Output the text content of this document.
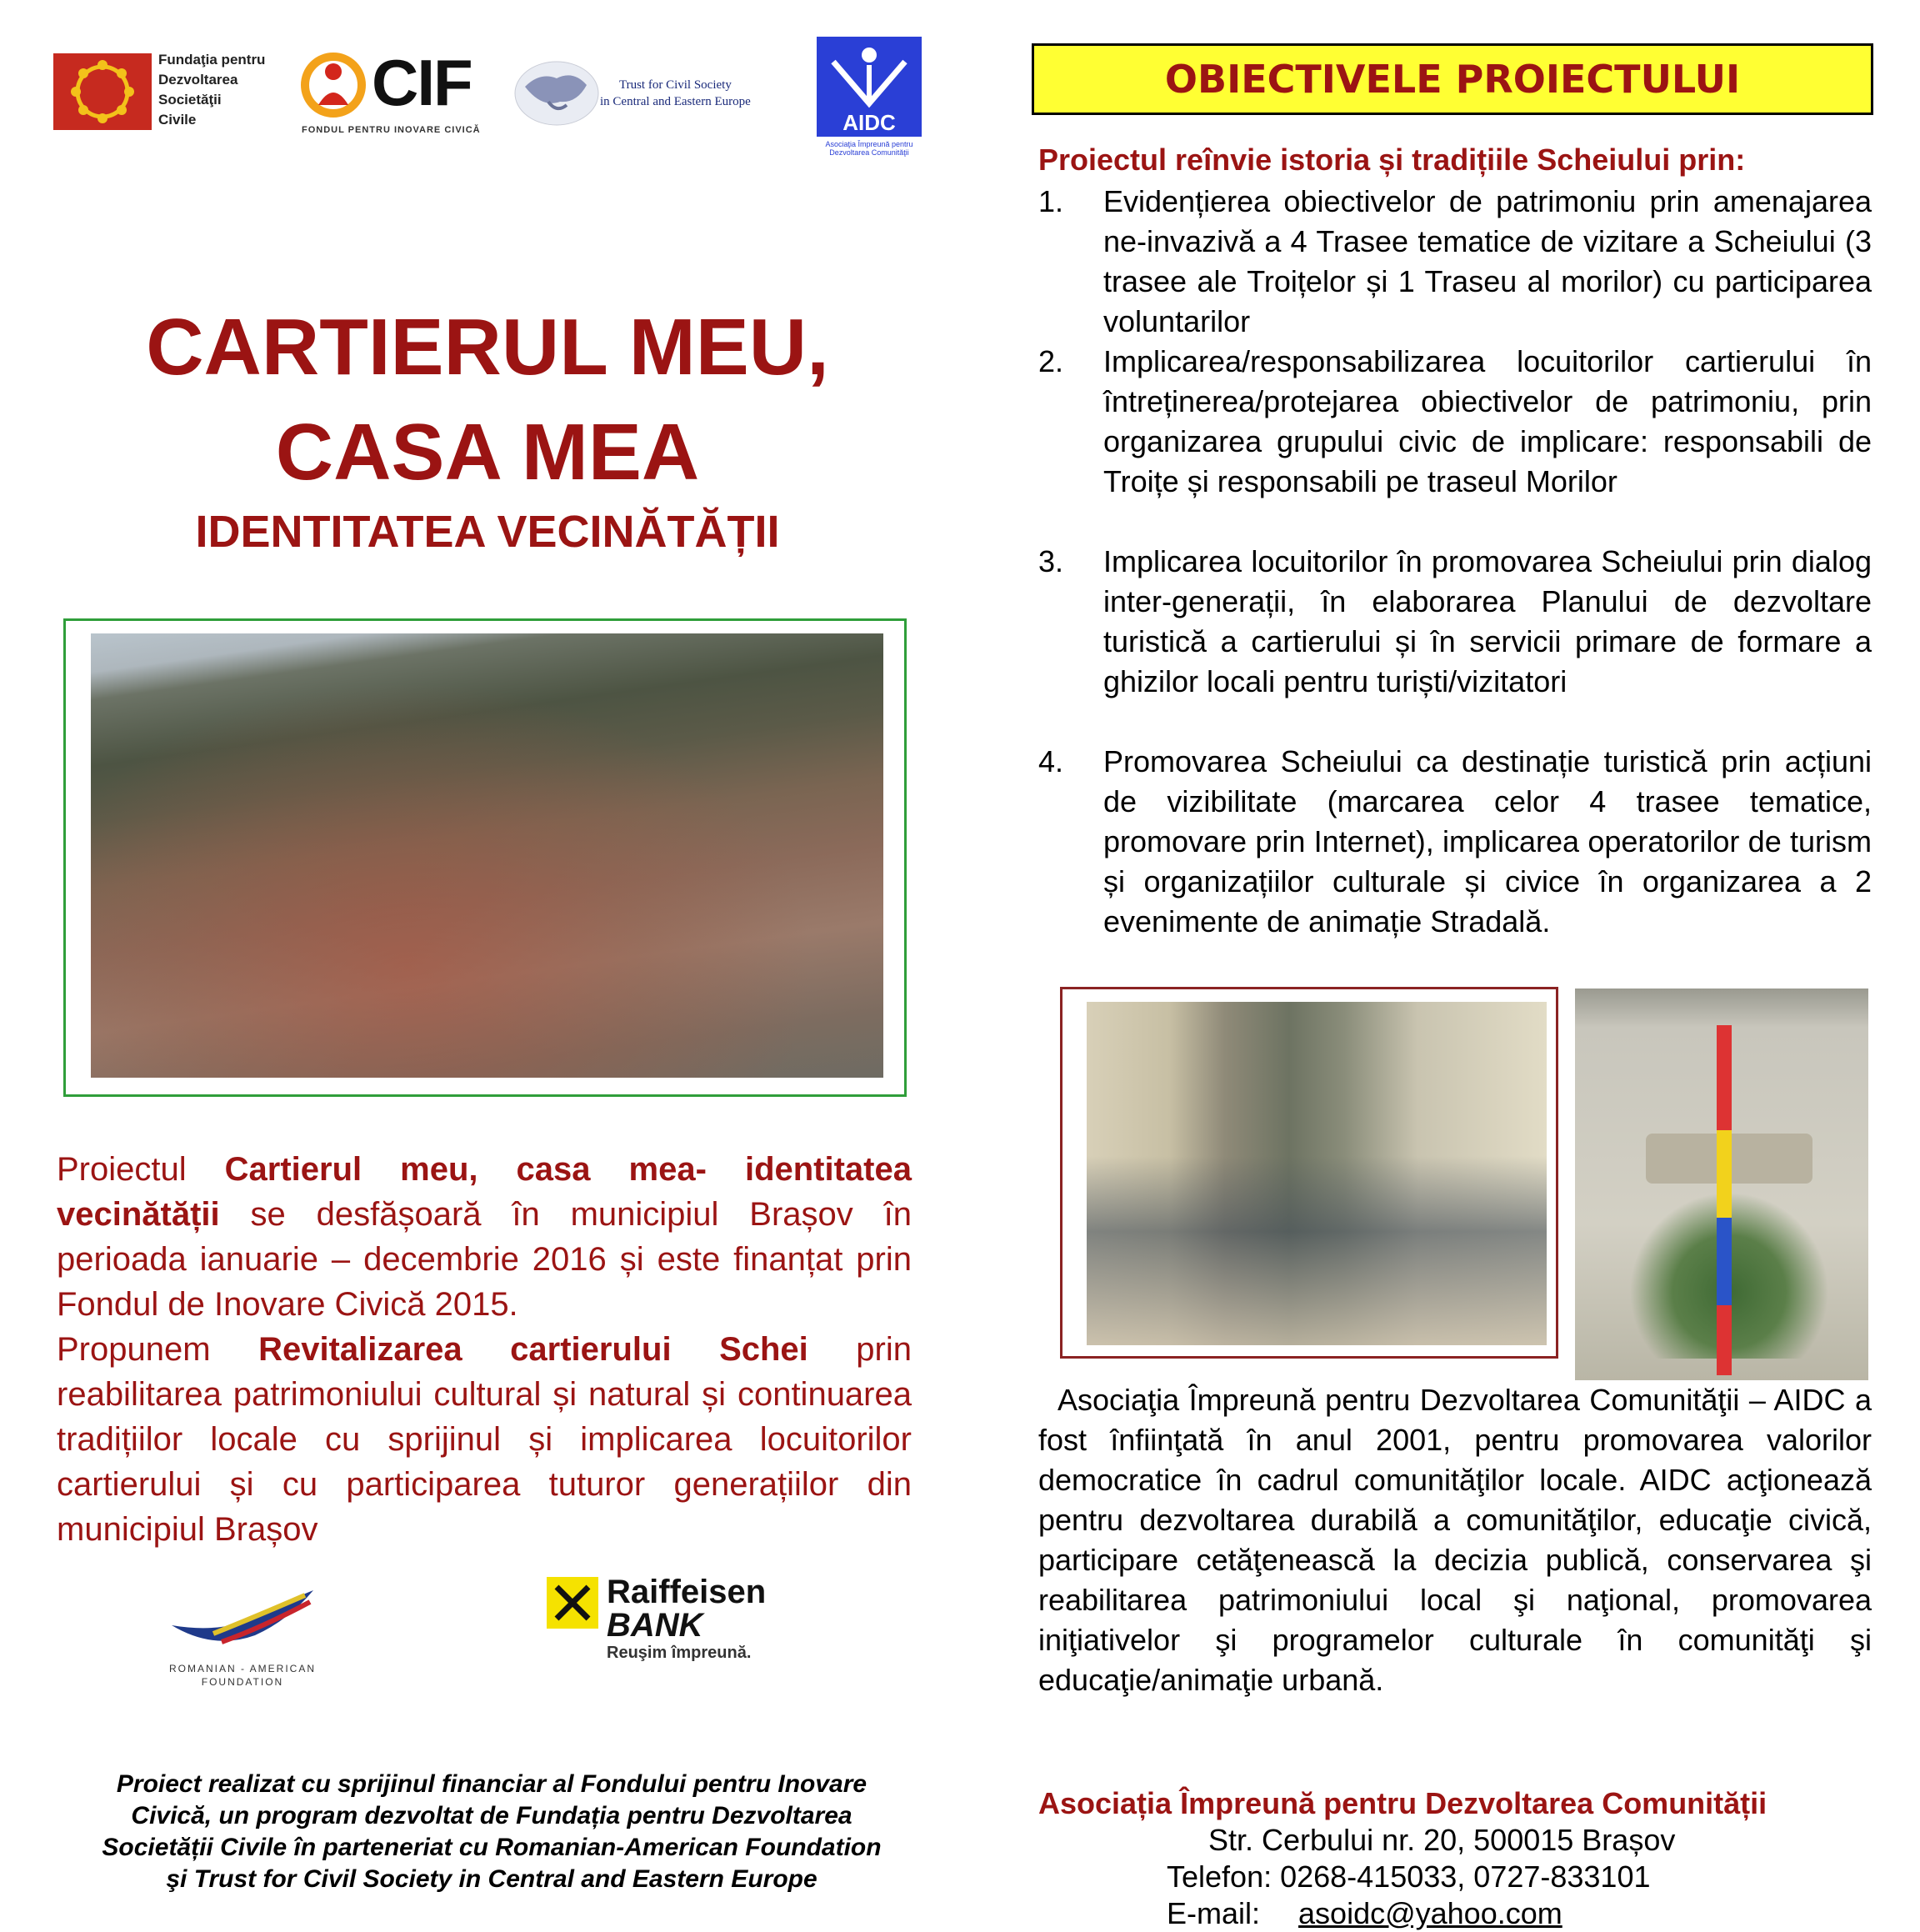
Fundaţia pentru
Dezvoltarea
Societăţii
Civile
CIF
FONDUL PENTRU INOVARE CIVICĂ
Trust for Civil Society
in Central and Eastern Europe
AIDC
Asociaţia Împreună pentru Dezvoltarea Comunităţii
CARTIERUL MEU,
CASA MEA
IDENTITATEA VECINĂTĂȚII
Proiectul Cartierul meu, casa mea- identitatea vecinătății se desfășoară în municipiul Brașov în perioada ianuarie – decembrie 2016 și este finanțat prin Fondul de Inovare Civică 2015.
Propunem Revitalizarea cartierului Schei prin reabilitarea patrimoniului cultural și natural și continuarea tradițiilor locale cu sprijinul și implicarea locuitorilor cartierului și cu participarea tuturor generațiilor din municipiul Brașov
ROMANIAN - AMERICAN FOUNDATION
Raiffeisen
BANK
Reuşim împreună.
Proiect realizat cu sprijinul financiar al Fondului pentru Inovare Civică, un program dezvoltat de Fundația pentru Dezvoltarea Societății Civile în parteneriat cu Romanian-American Foundation şi Trust for Civil Society in Central and Eastern Europe
OBIECTIVELE PROIECTULUI
Proiectul reînvie istoria și tradițiile Scheiului prin:
1.	Evidențierea obiectivelor de patrimoniu prin amenajarea ne-invazivă a 4 Trasee tematice de vizitare a Scheiului (3 trasee ale Troițelor și 1 Traseu al morilor) cu participarea voluntarilor
2.	Implicarea/responsabilizarea locuitorilor cartierului în întreținerea/protejarea obiectivelor de patrimoniu, prin organizarea grupului civic de implicare: responsabili de Troițe și responsabili pe traseul Morilor
3.	Implicarea locuitorilor în promovarea Scheiului prin dialog inter-generații, în elaborarea Planului de dezvoltare turistică a cartierului și în servicii primare de formare a ghizilor locali pentru turiști/vizitatori
4.	Promovarea Scheiului ca destinație turistică prin acțiuni de vizibilitate (marcarea celor 4 trasee tematice, promovare prin Internet), implicarea operatorilor de turism și organizațiilor culturale și civice în organizarea a 2 evenimente de animație Stradală.
Asociaţia Împreună pentru Dezvoltarea Comunităţii – AIDC a fost înfiinţată în anul 2001, pentru promovarea valorilor democratice în cadrul comunităţilor locale. AIDC acţionează pentru dezvoltarea durabilă a comunităţilor, educaţie civică, participare cetăţenească la decizia publică, conservarea şi reabilitarea patrimoniului local şi naţional, promovarea iniţiativelor şi programelor culturale în comunităţi şi educaţie/animaţie urbană.
Asociația Împreună pentru Dezvoltarea Comunității
Str. Cerbului nr. 20, 500015 Brașov
Telefon: 0268-415033, 0727-833101
E-mail: asoidc@yahoo.com
